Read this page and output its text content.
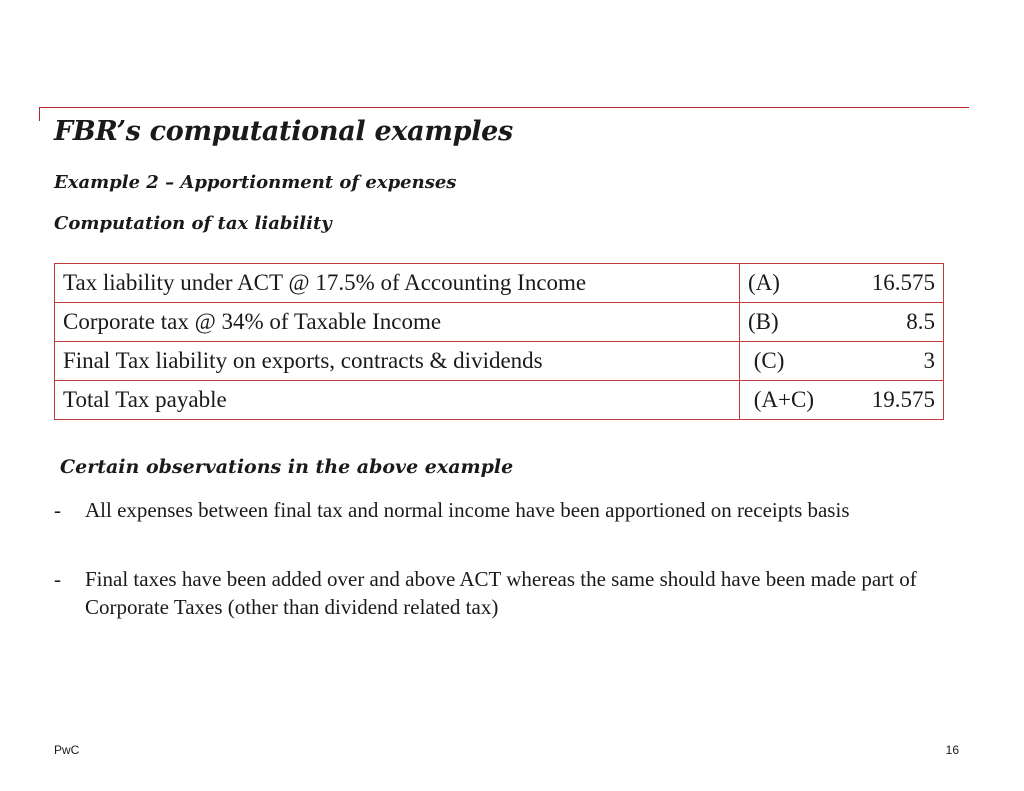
FBR’s computational examples
Example 2 – Apportionment of expenses
Computation of tax liability
Tax liability under ACT @ 17.5% of Accounting Income	(A) 16.575

Corporate tax @ 34% of Taxable Income	(B) 8.5

Final Tax liability on exports, contracts & dividends	(C) 3

Total Tax payable	(A+C) 19.575
Certain observations in the above example
- All expenses between final tax and normal income have been apportioned on receipts basis
- Final taxes have been added over and above ACT whereas the same should have been made part of Corporate Taxes (other than dividend related tax)
PwC	16
